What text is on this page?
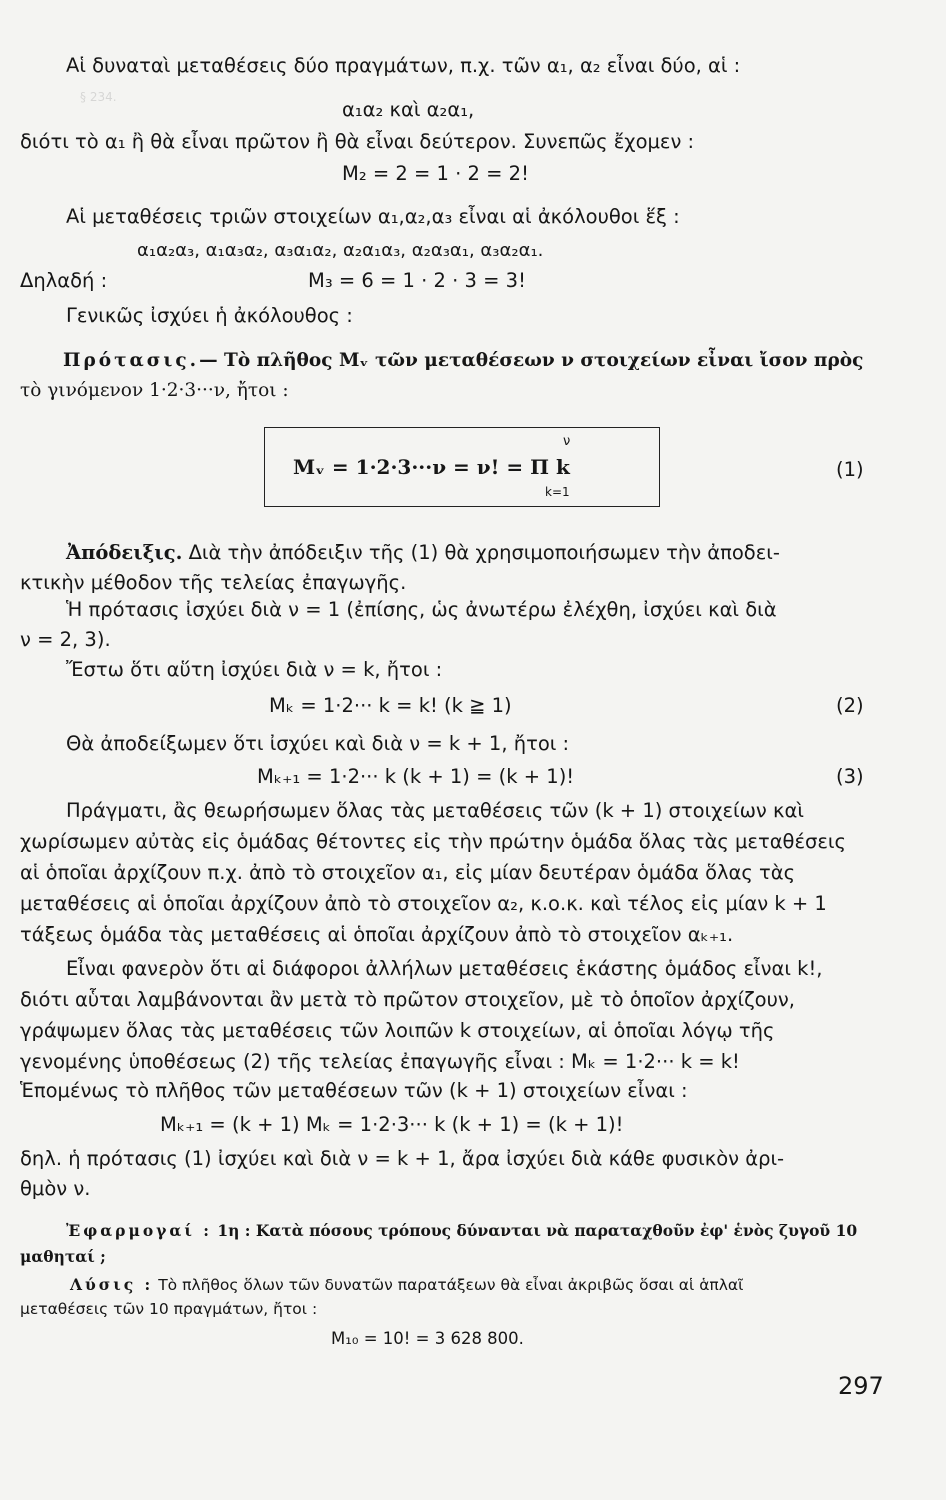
§ 234.
Αἱ δυναταὶ μεταθέσεις δύο πραγμάτων, π.χ. τῶν α₁, α₂ εἶναι δύο, αἱ :
α₁α₂ καὶ α₂α₁,
διότι τὸ α₁ ἢ θὰ εἶναι πρῶτον ἢ θὰ εἶναι δεύτερον. Συνεπῶς ἔχομεν :
M₂ = 2 = 1 · 2 = 2!
Αἱ μεταθέσεις τριῶν στοιχείων α₁,α₂,α₃ εἶναι αἱ ἀκόλουθοι ἕξ :
α₁α₂α₃, α₁α₃α₂, α₃α₁α₂, α₂α₁α₃, α₂α₃α₁, α₃α₂α₁.
Δηλαδή :	M₃ = 6 = 1 · 2 · 3 = 3!
Γενικῶς ἰσχύει ἡ ἀκόλουθος :
Πρότασις.— Τὸ πλῆθος Mᵥ τῶν μεταθέσεων ν στοιχείων εἶναι ἴσον πρὸς
τὸ γινόμενον 1·2·3···ν, ἤτοι :
Mᵥ = 1·2·3···ν = ν! = Π k
ν
k=1
(1)
Ἀπόδειξις. Διὰ τὴν ἀπόδειξιν τῆς (1) θὰ χρησιμοποιήσωμεν τὴν ἀποδει-
κτικὴν μέθοδον τῆς τελείας ἐπαγωγῆς.
Ἡ πρότασις ἰσχύει διὰ ν = 1 (ἐπίσης, ὡς ἀνωτέρω ἐλέχθη, ἰσχύει καὶ διὰ
ν = 2, 3).
Ἔστω ὅτι αὕτη ἰσχύει διὰ ν = k, ἤτοι :
Mₖ = 1·2··· k = k! (k ≧ 1)	(2)
Θὰ ἀποδείξωμεν ὅτι ἰσχύει καὶ διὰ ν = k + 1, ἤτοι :
Mₖ₊₁ = 1·2··· k (k + 1) = (k + 1)!	(3)
Πράγματι, ἂς θεωρήσωμεν ὅλας τὰς μεταθέσεις τῶν (k + 1) στοιχείων καὶ
χωρίσωμεν αὐτὰς εἰς ὁμάδας θέτοντες εἰς τὴν πρώτην ὁμάδα ὅλας τὰς μεταθέσεις
αἱ ὁποῖαι ἀρχίζουν π.χ. ἀπὸ τὸ στοιχεῖον α₁, εἰς μίαν δευτέραν ὁμάδα ὅλας τὰς
μεταθέσεις αἱ ὁποῖαι ἀρχίζουν ἀπὸ τὸ στοιχεῖον α₂, κ.ο.κ. καὶ τέλος εἰς μίαν k + 1
τάξεως ὁμάδα τὰς μεταθέσεις αἱ ὁποῖαι ἀρχίζουν ἀπὸ τὸ στοιχεῖον αₖ₊₁.
Εἶναι φανερὸν ὅτι αἱ διάφοροι ἀλλήλων μεταθέσεις ἑκάστης ὁμάδος εἶναι k!,
διότι αὗται λαμβάνονται ἂν μετὰ τὸ πρῶτον στοιχεῖον, μὲ τὸ ὁποῖον ἀρχίζουν,
γράψωμεν ὅλας τὰς μεταθέσεις τῶν λοιπῶν k στοιχείων, αἱ ὁποῖαι λόγῳ τῆς
γενομένης ὑποθέσεως (2) τῆς τελείας ἐπαγωγῆς εἶναι : Mₖ = 1·2··· k = k!
Ἑπομένως τὸ πλῆθος τῶν μεταθέσεων τῶν (k + 1) στοιχείων εἶναι :
Mₖ₊₁ = (k + 1) Mₖ = 1·2·3··· k (k + 1) = (k + 1)!
δηλ. ἡ πρότασις (1) ἰσχύει καὶ διὰ ν = k + 1, ἄρα ἰσχύει διὰ κάθε φυσικὸν ἀρι-
θμὸν ν.
Ἐφαρμογαί : 1η : Κατὰ πόσους τρόπους δύνανται νὰ παραταχθοῦν ἐφ' ἑνὸς ζυγοῦ 10
μαθηταί ;
Λύσις : Τὸ πλῆθος ὅλων τῶν δυνατῶν παρατάξεων θὰ εἶναι ἀκριβῶς ὅσαι αἱ ἁπλαῖ
μεταθέσεις τῶν 10 πραγμάτων, ἤτοι :
M₁₀ = 10! = 3 628 800.
297
